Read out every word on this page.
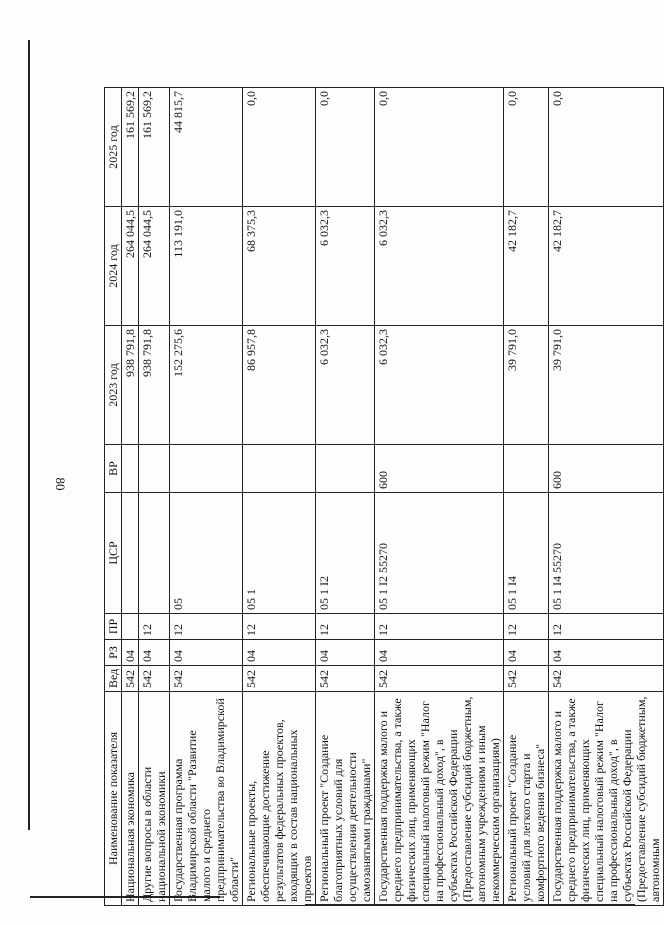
80
Наименование показателя	Вед	РЗ	ПР	ЦСР	ВР	2023 год	2024 год	2025 год
Национальная экономика	542	04				938 791,8	264 044,5	161 569,2
Другие вопросы в области национальной экономики	542	04	12			938 791,8	264 044,5	161 569,2
Государственная программа Владимирской области "Развитие малого и среднего предпринимательства во Владимирской области"	542	04	12	05		152 275,6	113 191,0	44 815,7
Региональные проекты, обеспечивающие достижение результатов федеральных проектов, входящих в состав национальных проектов	542	04	12	05 1		86 957,8	68 375,3	0,0
Региональный проект "Создание благоприятных условий для осуществления деятельности самозанятыми гражданами"	542	04	12	05 1 I2		6 032,3	6 032,3	0,0
Государственная поддержка малого и среднего предпринимательства, а также физических лиц, применяющих специальный налоговый режим "Налог на профессиональный доход", в субъектах Российской Федерации (Предоставление субсидий бюджетным, автономным учреждениям и иным некоммерческим организациям)	542	04	12	05 1 I2 55270	600	6 032,3	6 032,3	0,0
Региональный проект "Создание условий для легкого старта и комфортного ведения бизнеса"	542	04	12	05 1 I4		39 791,0	42 182,7	0,0
Государственная поддержка малого и среднего предпринимательства, а также физических лиц, применяющих специальный налоговый режим "Налог на профессиональный доход", в субъектах Российской Федерации (Предоставление субсидий бюджетным, автономным	542	04	12	05 1 I4 55270	600	39 791,0	42 182,7	0,0
